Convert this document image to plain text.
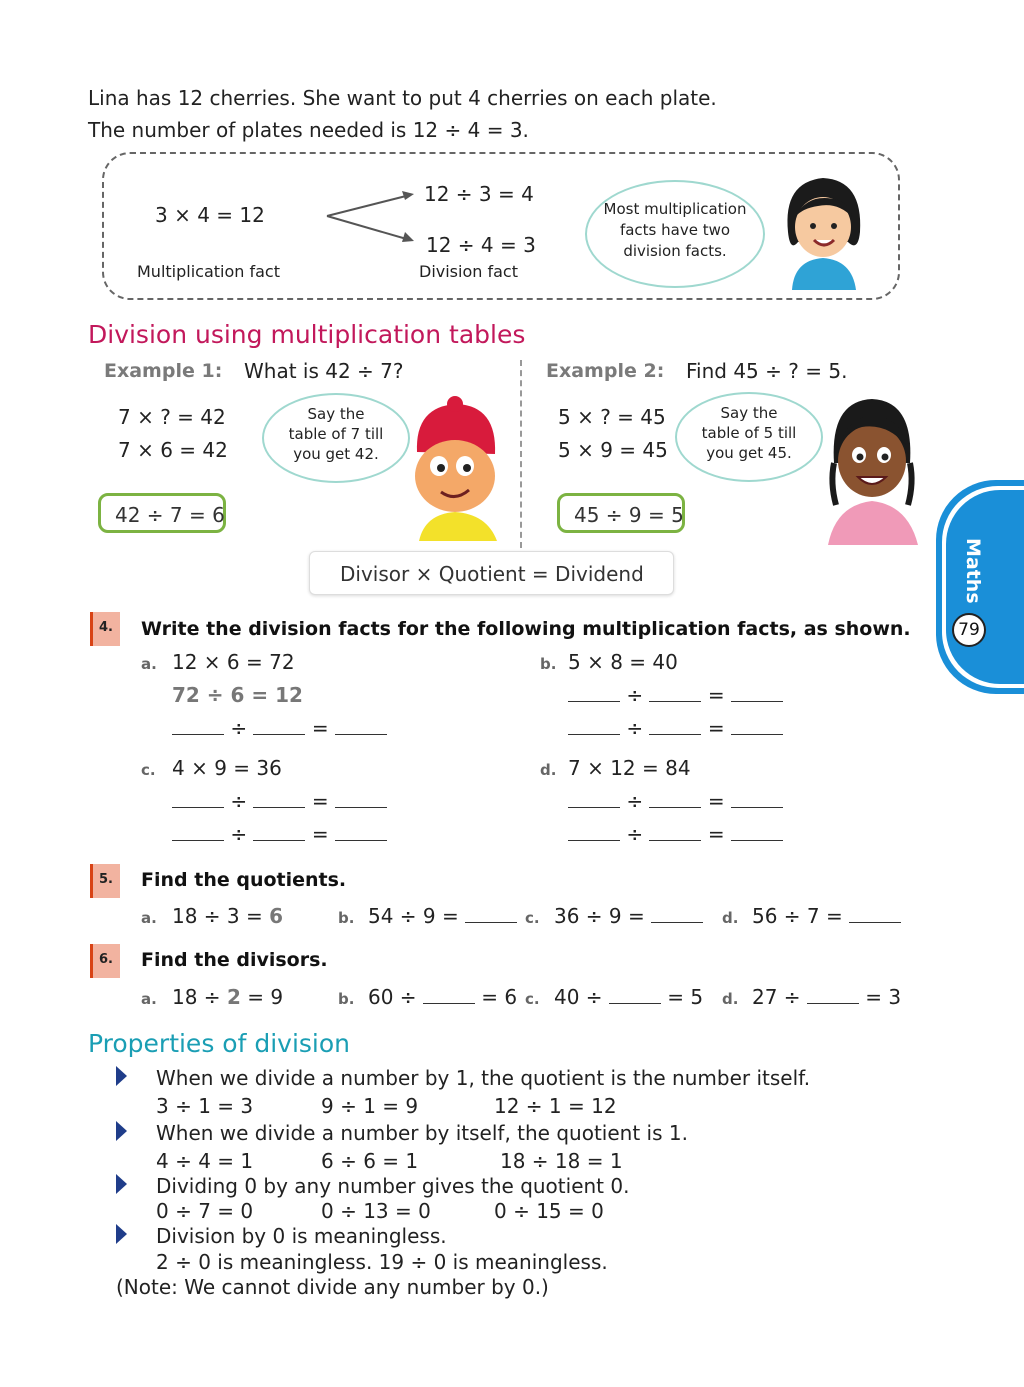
Lina has 12 cherries. She want to put 4 cherries on each plate.
The number of plates needed is 12 ÷ 4 = 3.
3 × 4 = 12
12 ÷ 3 = 4
12 ÷ 4 = 3
Multiplication fact	Division fact
Most multiplication
facts have two
division facts.
Division using multiplication tables
Example 1: What is 42 ÷ 7?
7 × ? = 42
7 × 6 = 42
42 ÷ 7 = 6
Say the
table of 7 till
you get 42.
Example 2: Find 45 ÷ ? = 5.
5 × ? = 45
5 × 9 = 45
45 ÷ 9 = 5
Say the
table of 5 till
you get 45.
Divisor × Quotient = Dividend	Maths
79
4. Write the division facts for the following multiplication facts, as shown.
a. 12 × 6 = 72
72 ÷ 6 = 12
÷	=
b. 5 × 8 = 40
÷	=
÷	=
c. 4 × 9 = 36
÷	=
÷	=
d. 7 × 12 = 84
÷	=
÷	=
5. Find the quotients.
a. 18 ÷ 3 = 6	b. 54 ÷ 9 =	c. 36 ÷ 9 =	d. 56 ÷ 7 =
6. Find the divisors.
a. 18 ÷ 2 = 9	b. 60 ÷	= 6 c. 40 ÷	= 5 d. 27 ÷	= 3
Properties of division
When we divide a number by 1, the quotient is the number itself.
3 ÷ 1 = 3	9 ÷ 1 = 9	12 ÷ 1 = 12
When we divide a number by itself, the quotient is 1.
4 ÷ 4 = 1	6 ÷ 6 = 1	18 ÷ 18 = 1
Dividing 0 by any number gives the quotient 0.
0 ÷ 7 = 0	0 ÷ 13 = 0	0 ÷ 15 = 0
Division by 0 is meaningless.
2 ÷ 0 is meaningless. 19 ÷ 0 is meaningless.
(Note: We cannot divide any number by 0.)
